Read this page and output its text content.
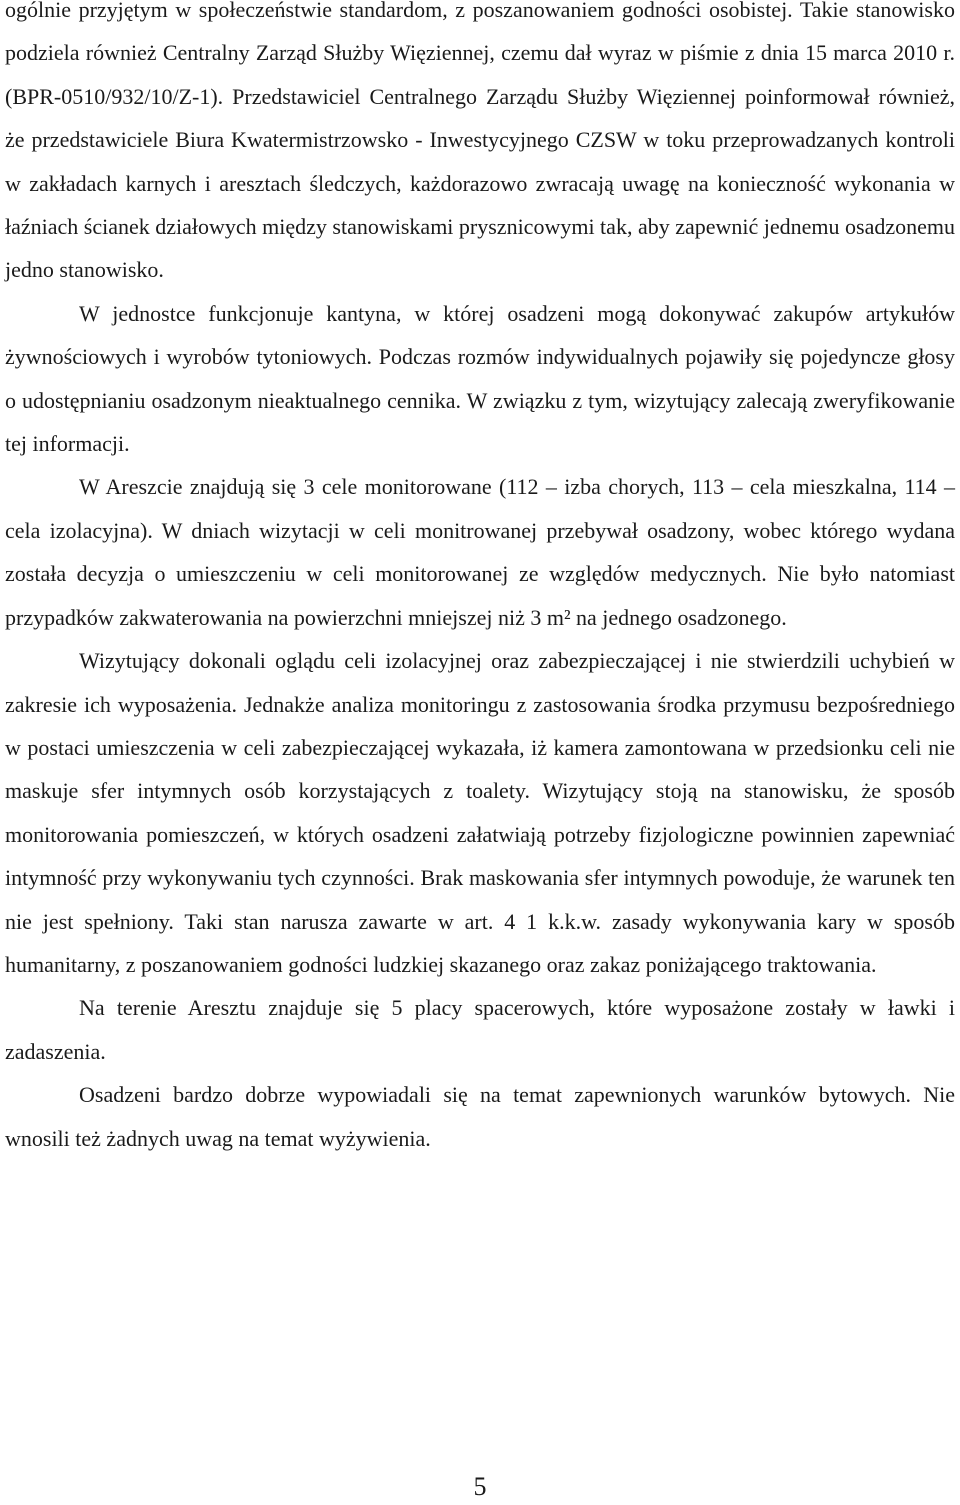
ogólnie przyjętym w społeczeństwie standardom, z poszanowaniem godności osobistej. Takie stanowisko podziela również Centralny Zarząd Służby Więziennej, czemu dał wyraz w piśmie z dnia 15 marca 2010 r. (BPR-0510/932/10/Z-1). Przedstawiciel Centralnego Zarządu Służby Więziennej poinformował również, że przedstawiciele Biura Kwatermistrzowsko - Inwestycyjnego CZSW w toku przeprowadzanych kontroli w zakładach karnych i aresztach śledczych, każdorazowo zwracają uwagę na konieczność wykonania w łaźniach ścianek działowych między stanowiskami prysznicowymi tak, aby zapewnić jednemu osadzonemu jedno stanowisko.

W jednostce funkcjonuje kantyna, w której osadzeni mogą dokonywać zakupów artykułów żywnościowych i wyrobów tytoniowych. Podczas rozmów indywidualnych pojawiły się pojedyncze głosy o udostępnianiu osadzonym nieaktualnego cennika. W związku z tym, wizytujący zalecają zweryfikowanie tej informacji.

W Areszcie znajdują się 3 cele monitorowane (112 – izba chorych, 113 – cela mieszkalna, 114 – cela izolacyjna). W dniach wizytacji w celi monitrowanej przebywał osadzony, wobec którego wydana została decyzja o umieszczeniu w celi monitorowanej ze względów medycznych. Nie było natomiast przypadków zakwaterowania na powierzchni mniejszej niż 3 m² na jednego osadzonego.

Wizytujący dokonali oglądu celi izolacyjnej oraz zabezpieczającej i nie stwierdzili uchybień w zakresie ich wyposażenia. Jednakże analiza monitoringu z zastosowania środka przymusu bezpośredniego w postaci umieszczenia w celi zabezpieczającej wykazała, iż kamera zamontowana w przedsionku celi nie maskuje sfer intymnych osób korzystających z toalety. Wizytujący stoją na stanowisku, że sposób monitorowania pomieszczeń, w których osadzeni załatwiają potrzeby fizjologiczne powinnien zapewniać intymność przy wykonywaniu tych czynności. Brak maskowania sfer intymnych powoduje, że warunek ten nie jest spełniony. Taki stan narusza zawarte w art. 4 1 k.k.w. zasady wykonywania kary w sposób humanitarny, z poszanowaniem godności ludzkiej skazanego oraz zakaz poniżającego traktowania.

Na terenie Aresztu znajduje się 5 placy spacerowych, które wyposażone zostały w ławki i zadaszenia.

Osadzeni bardzo dobrze wypowiadali się na temat zapewnionych warunków bytowych. Nie wnosili też żadnych uwag na temat wyżywienia.

5
